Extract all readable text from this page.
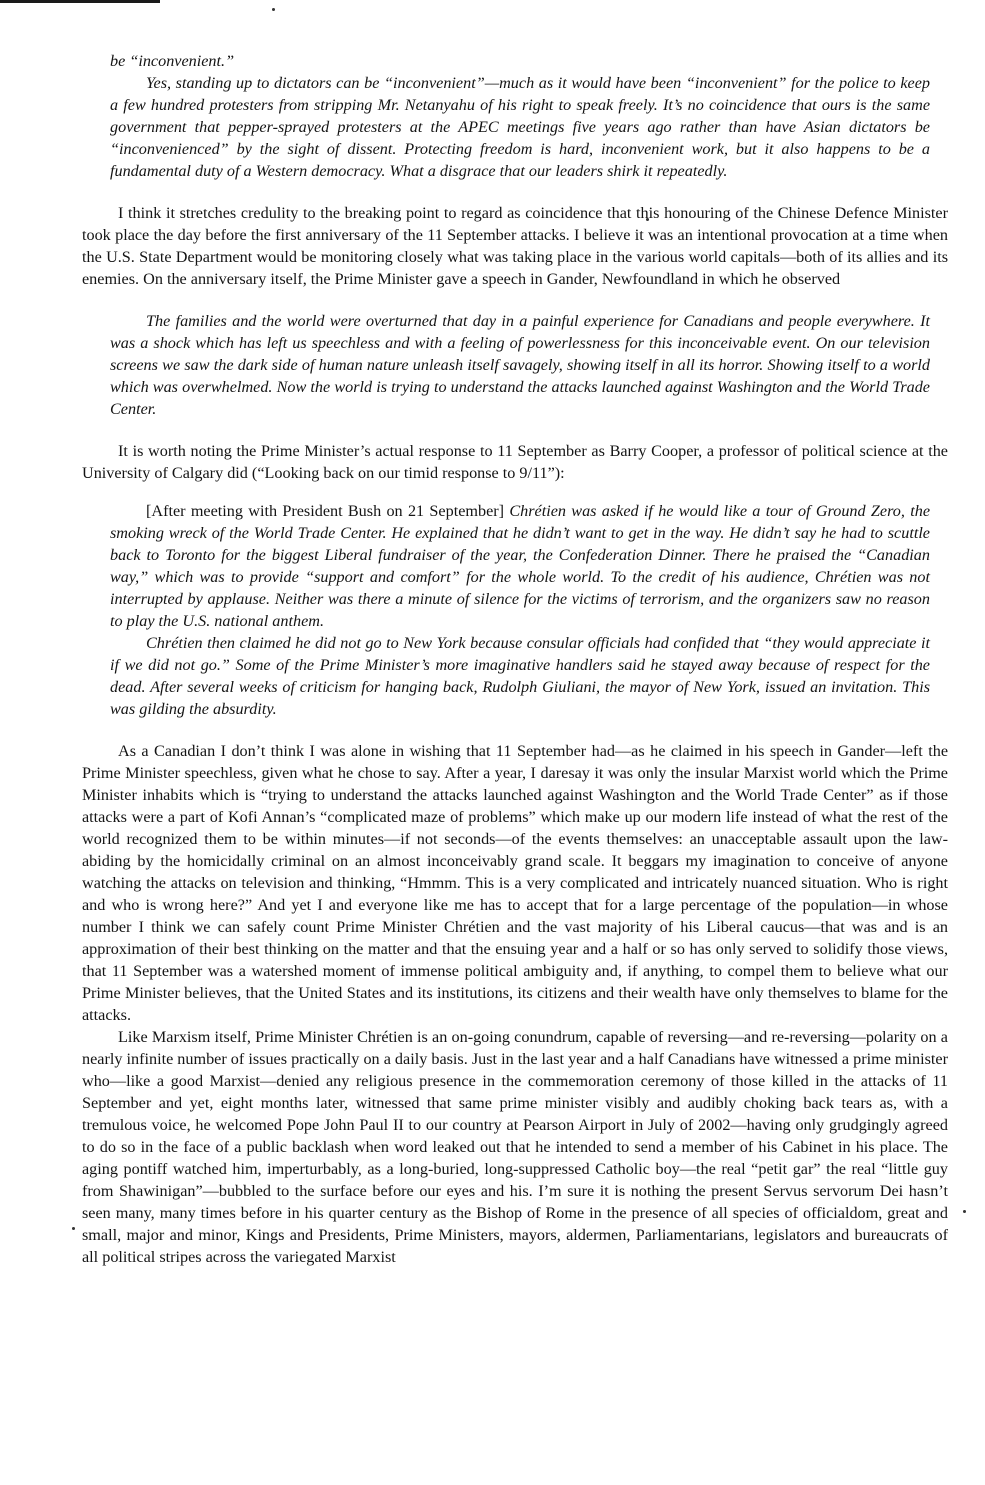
be “inconvenient.”

Yes, standing up to dictators can be “inconvenient”—much as it would have been “inconvenient” for the police to keep a few hundred protesters from stripping Mr. Netanyahu of his right to speak freely. It’s no coincidence that ours is the same government that pepper-sprayed protesters at the APEC meetings five years ago rather than have Asian dictators be “inconvenienced” by the sight of dissent. Protecting freedom is hard, inconvenient work, but it also happens to be a fundamental duty of a Western democracy. What a disgrace that our leaders shirk it repeatedly.

I think it stretches credulity to the breaking point to regard as coincidence that this honouring of the Chinese Defence Minister took place the day before the first anniversary of the 11 September attacks. I believe it was an intentional provocation at a time when the U.S. State Department would be monitoring closely what was taking place in the various world capitals—both of its allies and its enemies. On the anniversary itself, the Prime Minister gave a speech in Gander, Newfoundland in which he observed

The families and the world were overturned that day in a painful experience for Canadians and people everywhere. It was a shock which has left us speechless and with a feeling of powerlessness for this inconceivable event. On our television screens we saw the dark side of human nature unleash itself savagely, showing itself in all its horror. Showing itself to a world which was overwhelmed. Now the world is trying to understand the attacks launched against Washington and the World Trade Center.

It is worth noting the Prime Minister’s actual response to 11 September as Barry Cooper, a professor of political science at the University of Calgary did (“Looking back on our timid response to 9/11”):

[After meeting with President Bush on 21 September] Chrétien was asked if he would like a tour of Ground Zero, the smoking wreck of the World Trade Center. He explained that he didn’t want to get in the way. He didn’t say he had to scuttle back to Toronto for the biggest Liberal fundraiser of the year, the Confederation Dinner. There he praised the “Canadian way,” which was to provide “support and comfort” for the whole world. To the credit of his audience, Chrétien was not interrupted by applause. Neither was there a minute of silence for the victims of terrorism, and the organizers saw no reason to play the U.S. national anthem.

Chrétien then claimed he did not go to New York because consular officials had confided that “they would appreciate it if we did not go.” Some of the Prime Minister’s more imaginative handlers said he stayed away because of respect for the dead. After several weeks of criticism for hanging back, Rudolph Giuliani, the mayor of New York, issued an invitation. This was gilding the absurdity.

As a Canadian I don’t think I was alone in wishing that 11 September had—as he claimed in his speech in Gander—left the Prime Minister speechless, given what he chose to say. After a year, I daresay it was only the insular Marxist world which the Prime Minister inhabits which is “trying to understand the attacks launched against Washington and the World Trade Center” as if those attacks were a part of Kofi Annan’s “complicated maze of problems” which make up our modern life instead of what the rest of the world recognized them to be within minutes—if not seconds—of the events themselves: an unacceptable assault upon the law-abiding by the homicidally criminal on an almost inconceivably grand scale. It beggars my imagination to conceive of anyone watching the attacks on television and thinking, “Hmmm. This is a very complicated and intricately nuanced situation. Who is right and who is wrong here?” And yet I and everyone like me has to accept that for a large percentage of the population—in whose number I think we can safely count Prime Minister Chrétien and the vast majority of his Liberal caucus—that was and is an approximation of their best thinking on the matter and that the ensuing year and a half or so has only served to solidify those views, that 11 September was a watershed moment of immense political ambiguity and, if anything, to compel them to believe what our Prime Minister believes, that the United States and its institutions, its citizens and their wealth have only themselves to blame for the attacks.

Like Marxism itself, Prime Minister Chrétien is an on-going conundrum, capable of reversing—and re-reversing—polarity on a nearly infinite number of issues practically on a daily basis. Just in the last year and a half Canadians have witnessed a prime minister who—like a good Marxist—denied any religious presence in the commemoration ceremony of those killed in the attacks of 11 September and yet, eight months later, witnessed that same prime minister visibly and audibly choking back tears as, with a tremulous voice, he welcomed Pope John Paul II to our country at Pearson Airport in July of 2002—having only grudgingly agreed to do so in the face of a public backlash when word leaked out that he intended to send a member of his Cabinet in his place. The aging pontiff watched him, imperturbably, as a long-buried, long-suppressed Catholic boy—the real “petit gar” the real “little guy from Shawinigan”—bubbled to the surface before our eyes and his. I’m sure it is nothing the present Servus servorum Dei hasn’t seen many, many times before in his quarter century as the Bishop of Rome in the presence of all species of officialdom, great and small, major and minor, Kings and Presidents, Prime Ministers, mayors, aldermen, Parliamentarians, legislators and bureaucrats of all political stripes across the variegated Marxist
